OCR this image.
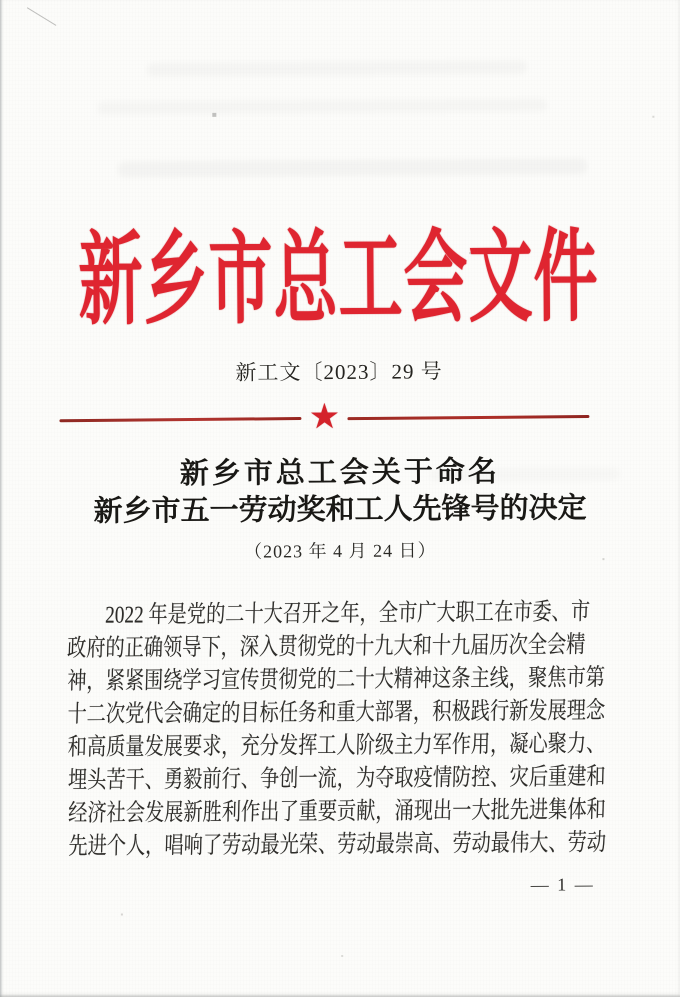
新乡市总工会文件
新工文〔2023〕29 号
★
新乡市总工会关于命名
新乡市五一劳动奖和工人先锋号的决定
（2023 年 4 月 24 日）
2022 年是党的二十大召开之年，全市广大职工在市委、市
政府的正确领导下，深入贯彻党的十九大和十九届历次全会精
神，紧紧围绕学习宣传贯彻党的二十大精神这条主线，聚焦市第
十二次党代会确定的目标任务和重大部署，积极践行新发展理念
和高质量发展要求，充分发挥工人阶级主力军作用，凝心聚力、
埋头苦干、勇毅前行、争创一流，为夺取疫情防控、灾后重建和
经济社会发展新胜利作出了重要贡献，涌现出一大批先进集体和
先进个人，唱响了劳动最光荣、劳动最崇高、劳动最伟大、劳动
— 1 —
